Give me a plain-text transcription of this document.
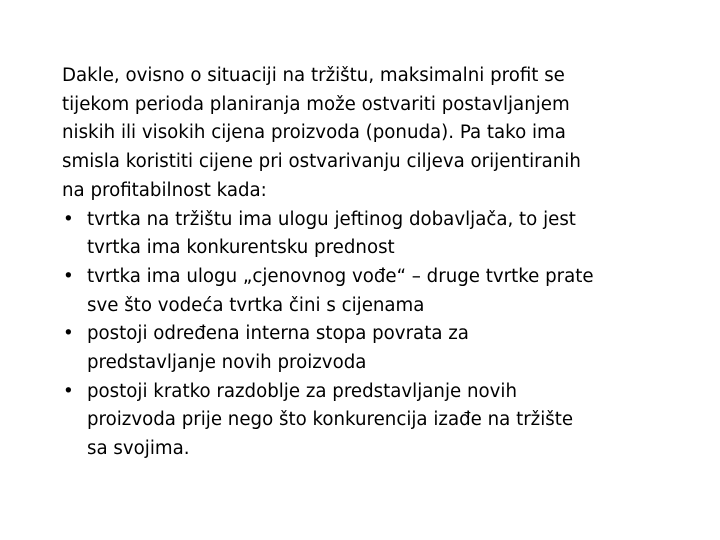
Dakle, ovisno o situaciji na tržištu, maksimalni profit se
tijekom perioda planiranja može ostvariti postavljanjem
niskih ili visokih cijena proizvoda (ponuda). Pa tako ima
smisla koristiti cijene pri ostvarivanju ciljeva orijentiranih
na profitabilnost kada:

• tvrtka na tržištu ima ulogu jeftinog dobavljača, to jest
tvrtka ima konkurentsku prednost
• tvrtka ima ulogu „cjenovnog vođe“ – druge tvrtke prate
sve što vodeća tvrtka čini s cijenama
• postoji određena interna stopa povrata za
predstavljanje novih proizvoda
• postoji kratko razdoblje za predstavljanje novih
proizvoda prije nego što konkurencija izađe na tržište
sa svojima.
